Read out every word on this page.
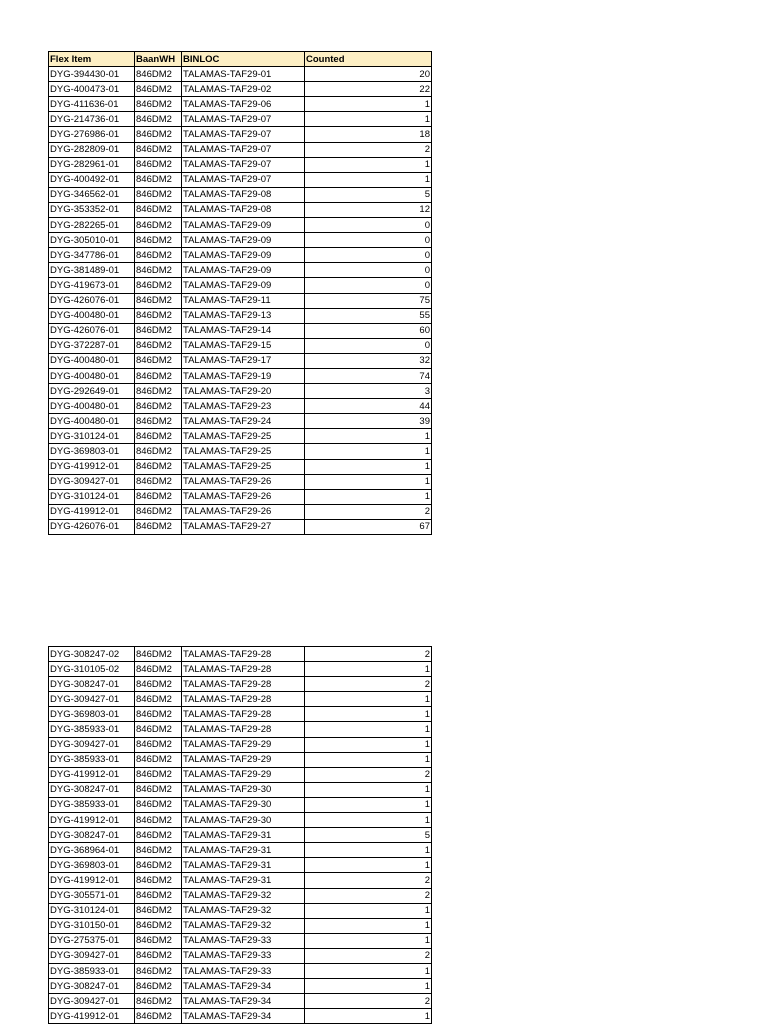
Flex Item	BaanWH	BINLOC	Counted
DYG-394430-01	846DM2	TALAMAS-TAF29-01	20
DYG-400473-01	846DM2	TALAMAS-TAF29-02	22
DYG-411636-01	846DM2	TALAMAS-TAF29-06	1
DYG-214736-01	846DM2	TALAMAS-TAF29-07	1
DYG-276986-01	846DM2	TALAMAS-TAF29-07	18
DYG-282809-01	846DM2	TALAMAS-TAF29-07	2
DYG-282961-01	846DM2	TALAMAS-TAF29-07	1
DYG-400492-01	846DM2	TALAMAS-TAF29-07	1
DYG-346562-01	846DM2	TALAMAS-TAF29-08	5
DYG-353352-01	846DM2	TALAMAS-TAF29-08	12
DYG-282265-01	846DM2	TALAMAS-TAF29-09	0
DYG-305010-01	846DM2	TALAMAS-TAF29-09	0
DYG-347786-01	846DM2	TALAMAS-TAF29-09	0
DYG-381489-01	846DM2	TALAMAS-TAF29-09	0
DYG-419673-01	846DM2	TALAMAS-TAF29-09	0
DYG-426076-01	846DM2	TALAMAS-TAF29-11	75
DYG-400480-01	846DM2	TALAMAS-TAF29-13	55
DYG-426076-01	846DM2	TALAMAS-TAF29-14	60
DYG-372287-01	846DM2	TALAMAS-TAF29-15	0
DYG-400480-01	846DM2	TALAMAS-TAF29-17	32
DYG-400480-01	846DM2	TALAMAS-TAF29-19	74
DYG-292649-01	846DM2	TALAMAS-TAF29-20	3
DYG-400480-01	846DM2	TALAMAS-TAF29-23	44
DYG-400480-01	846DM2	TALAMAS-TAF29-24	39
DYG-310124-01	846DM2	TALAMAS-TAF29-25	1
DYG-369803-01	846DM2	TALAMAS-TAF29-25	1
DYG-419912-01	846DM2	TALAMAS-TAF29-25	1
DYG-309427-01	846DM2	TALAMAS-TAF29-26	1
DYG-310124-01	846DM2	TALAMAS-TAF29-26	1
DYG-419912-01	846DM2	TALAMAS-TAF29-26	2
DYG-426076-01	846DM2	TALAMAS-TAF29-27	67
DYG-308247-02	846DM2	TALAMAS-TAF29-28	2
DYG-310105-02	846DM2	TALAMAS-TAF29-28	1
DYG-308247-01	846DM2	TALAMAS-TAF29-28	2
DYG-309427-01	846DM2	TALAMAS-TAF29-28	1
DYG-369803-01	846DM2	TALAMAS-TAF29-28	1
DYG-385933-01	846DM2	TALAMAS-TAF29-28	1
DYG-309427-01	846DM2	TALAMAS-TAF29-29	1
DYG-385933-01	846DM2	TALAMAS-TAF29-29	1
DYG-419912-01	846DM2	TALAMAS-TAF29-29	2
DYG-308247-01	846DM2	TALAMAS-TAF29-30	1
DYG-385933-01	846DM2	TALAMAS-TAF29-30	1
DYG-419912-01	846DM2	TALAMAS-TAF29-30	1
DYG-308247-01	846DM2	TALAMAS-TAF29-31	5
DYG-368964-01	846DM2	TALAMAS-TAF29-31	1
DYG-369803-01	846DM2	TALAMAS-TAF29-31	1
DYG-419912-01	846DM2	TALAMAS-TAF29-31	2
DYG-305571-01	846DM2	TALAMAS-TAF29-32	2
DYG-310124-01	846DM2	TALAMAS-TAF29-32	1
DYG-310150-01	846DM2	TALAMAS-TAF29-32	1
DYG-275375-01	846DM2	TALAMAS-TAF29-33	1
DYG-309427-01	846DM2	TALAMAS-TAF29-33	2
DYG-385933-01	846DM2	TALAMAS-TAF29-33	1
DYG-308247-01	846DM2	TALAMAS-TAF29-34	1
DYG-309427-01	846DM2	TALAMAS-TAF29-34	2
DYG-419912-01	846DM2	TALAMAS-TAF29-34	1
